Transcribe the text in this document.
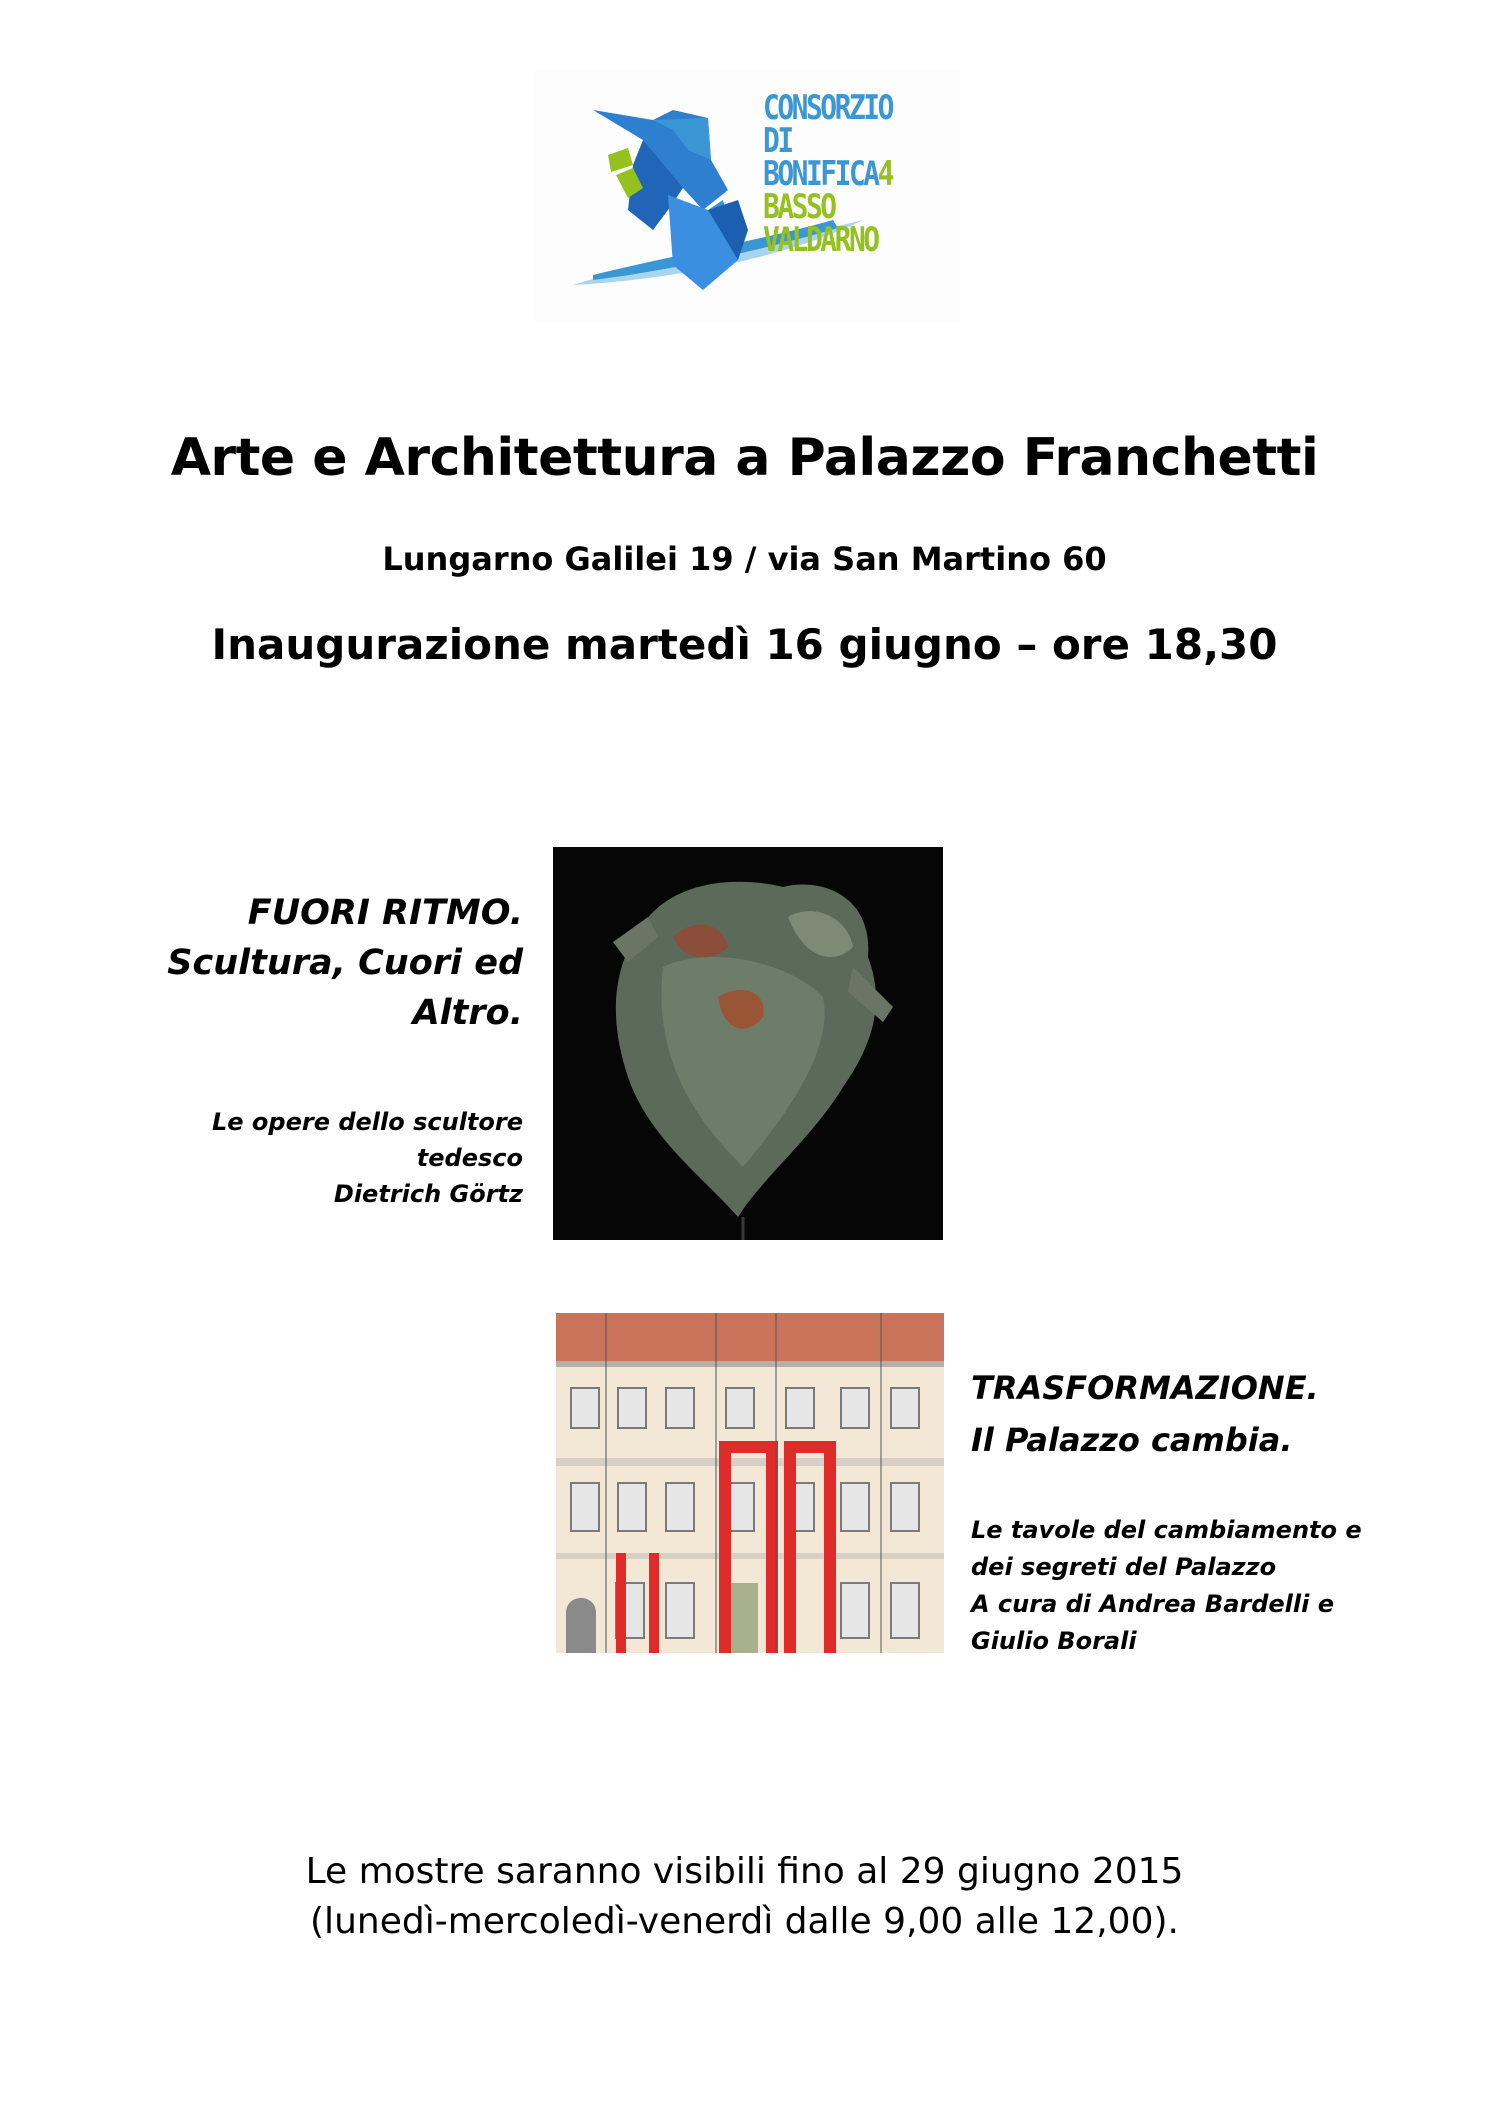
CONSORZIO
DI BONIFICA4
BASSO
VALDARNO
Arte e Architettura a Palazzo Franchetti
Lungarno Galilei 19 / via San Martino 60
Inaugurazione martedì 16 giugno – ore 18,30
FUORI RITMO.
Scultura, Cuori ed
Altro.
Le opere dello scultore tedesco
Dietrich Görtz
TRASFORMAZIONE.
Il Palazzo cambia.
Le tavole del cambiamento e
dei segreti del Palazzo
A cura di Andrea Bardelli e
Giulio Borali
Le mostre saranno visibili fino al 29 giugno 2015
(lunedì-mercoledì-venerdì dalle 9,00 alle 12,00).
